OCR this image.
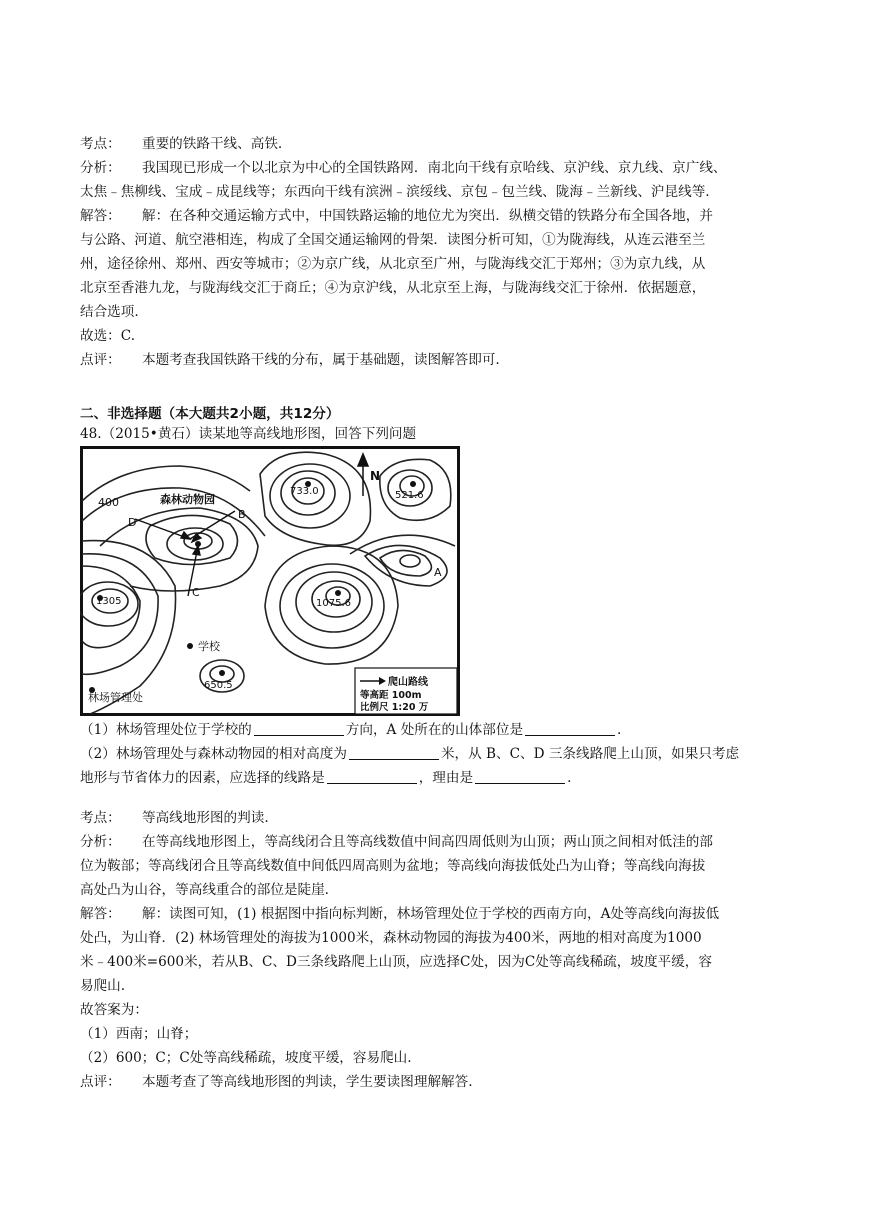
考点： 重要的铁路干线、高铁.
分析： 我国现已形成一个以北京为中心的全国铁路网．南北向干线有京哈线、京沪线、京九线、京广线、
太焦﹣焦柳线、宝成﹣成昆线等；东西向干线有滨洲﹣滨绥线、京包﹣包兰线、陇海﹣兰新线、沪昆线等.
解答： 解：在各种交通运输方式中，中国铁路运输的地位尤为突出．纵横交错的铁路分布全国各地，并
与公路、河道、航空港相连，构成了全国交通运输网的骨架．读图分析可知，①为陇海线，从连云港至兰
州，途径徐州、郑州、西安等城市；②为京广线，从北京至广州，与陇海线交汇于郑州；③为京九线，从
北京至香港九龙，与陇海线交汇于商丘；④为京沪线，从北京至上海，与陇海线交汇于徐州．依据题意，
结合选项.
故选：C.
点评： 本题考查我国铁路干线的分布，属于基础题，读图解答即可.
二、非选择题（本大题共2小题，共12分）
48.（2015•黄石）读某地等高线地形图，回答下列问题
N
400	森林动物园
733.0	521.6
D
B
A
C
1305	1075.6
学校
650.5
林场管理处
爬山路线
等高距 100m
比例尺 1:20 万
（1）林场管理处位于学校的	方向，A 处所在的山体部位是	.
（2）林场管理处与森林动物园的相对高度为	米，从 B、C、D 三条线路爬上山顶，如果只考虑
地形与节省体力的因素，应选择的线路是	，理由是	.
考点： 等高线地形图的判读.
分析： 在等高线地形图上，等高线闭合且等高线数值中间高四周低则为山顶；两山顶之间相对低洼的部
位为鞍部；等高线闭合且等高线数值中间低四周高则为盆地；等高线向海拔低处凸为山脊；等高线向海拔
高处凸为山谷，等高线重合的部位是陡崖.
解答： 解：读图可知，(1) 根据图中指向标判断，林场管理处位于学校的西南方向，A处等高线向海拔低
处凸，为山脊．(2) 林场管理处的海拔为1000米，森林动物园的海拔为400米，两地的相对高度为1000
米﹣400米=600米，若从B、C、D三条线路爬上山顶，应选择C处，因为C处等高线稀疏，坡度平缓，容
易爬山.
故答案为：
（1）西南；山脊；
（2）600；C；C处等高线稀疏，坡度平缓，容易爬山.
点评： 本题考查了等高线地形图的判读，学生要读图理解解答.
